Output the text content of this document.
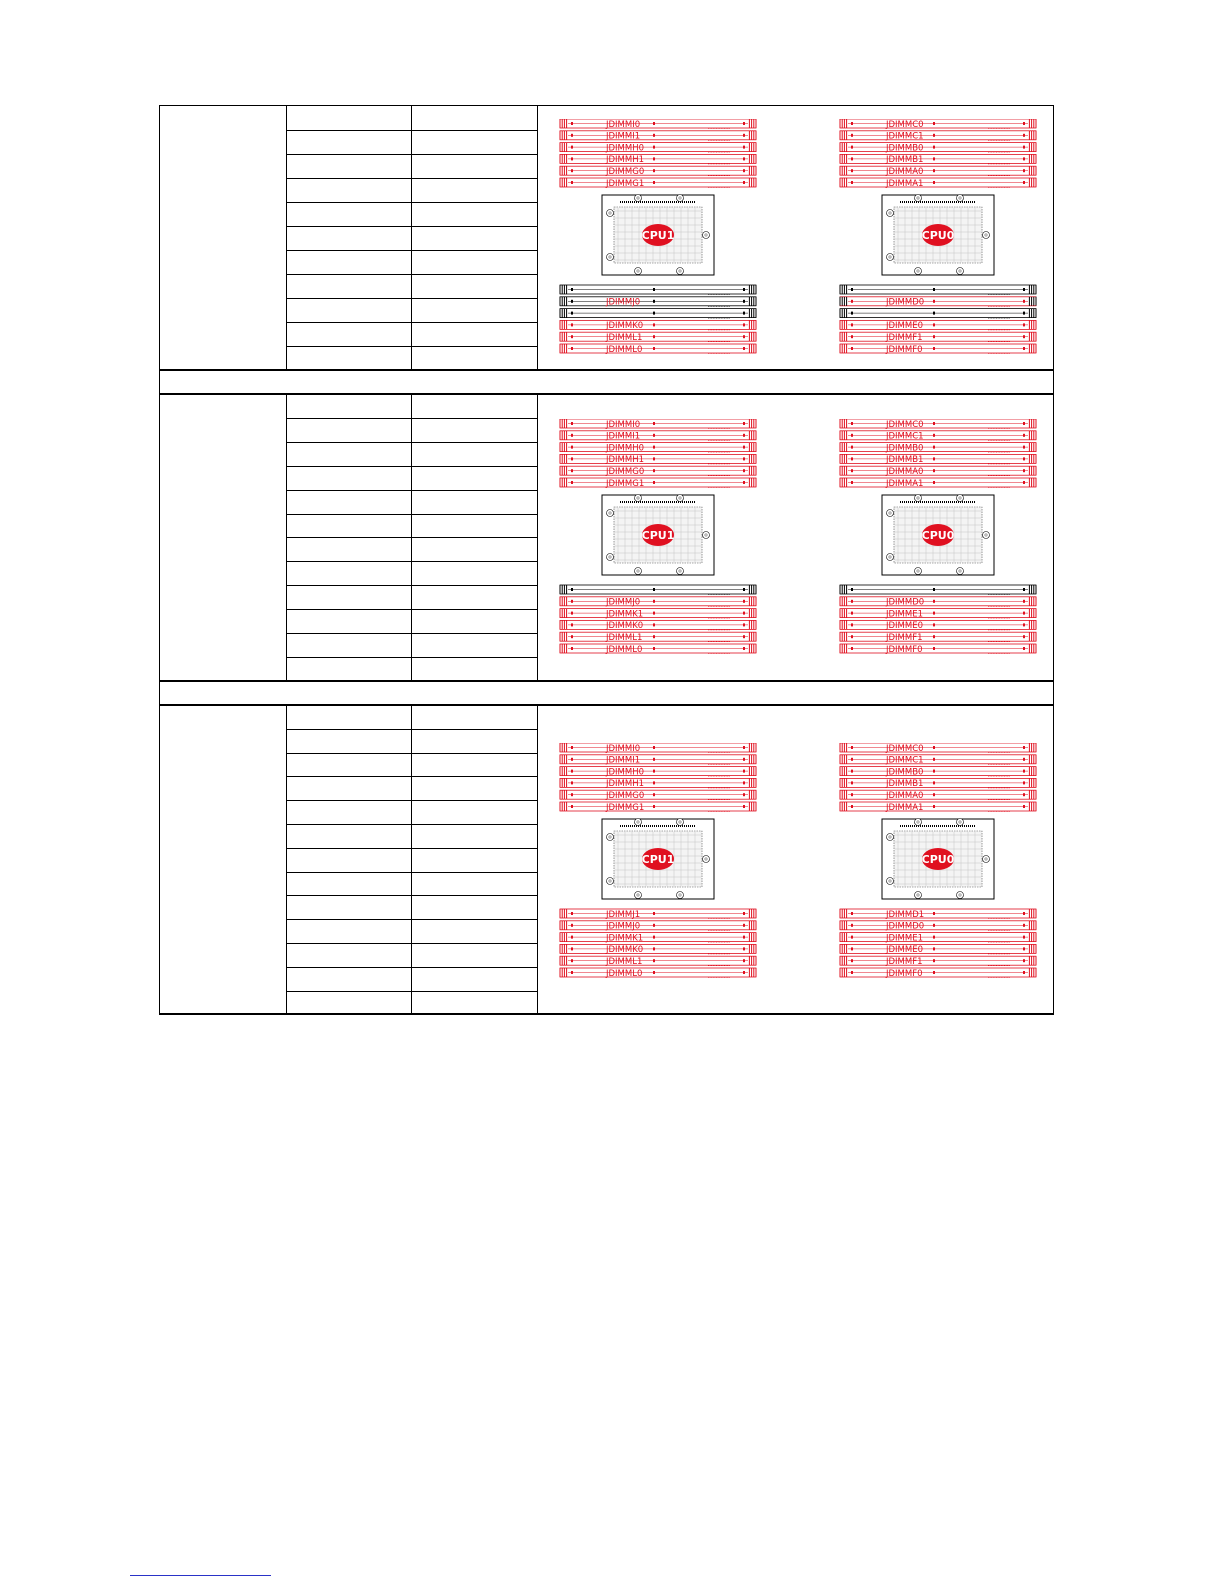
JDIMMI0
JDIMMI1
JDIMMH0
JDIMMH1
JDIMMG0
JDIMMG1
CPU1
JDIMMJ0
JDIMMK0
JDIMML1
JDIMML0
JDIMMC0
JDIMMC1
JDIMMB0
JDIMMB1
JDIMMA0
JDIMMA1
CPU0
JDIMMD0
JDIMME0
JDIMMF1
JDIMMF0
JDIMMI0
JDIMMI1
JDIMMH0
JDIMMH1
JDIMMG0
JDIMMG1
CPU1
JDIMMJ0
JDIMMK1
JDIMMK0
JDIMML1
JDIMML0
JDIMMC0
JDIMMC1
JDIMMB0
JDIMMB1
JDIMMA0
JDIMMA1
CPU0
JDIMMD0
JDIMME1
JDIMME0
JDIMMF1
JDIMMF0
JDIMMI0
JDIMMI1
JDIMMH0
JDIMMH1
JDIMMG0
JDIMMG1
CPU1
JDIMMJ1
JDIMMJ0
JDIMMK1
JDIMMK0
JDIMML1
JDIMML0
JDIMMC0
JDIMMC1
JDIMMB0
JDIMMB1
JDIMMA0
JDIMMA1
CPU0
JDIMMD1
JDIMMD0
JDIMME1
JDIMME0
JDIMMF1
JDIMMF0
